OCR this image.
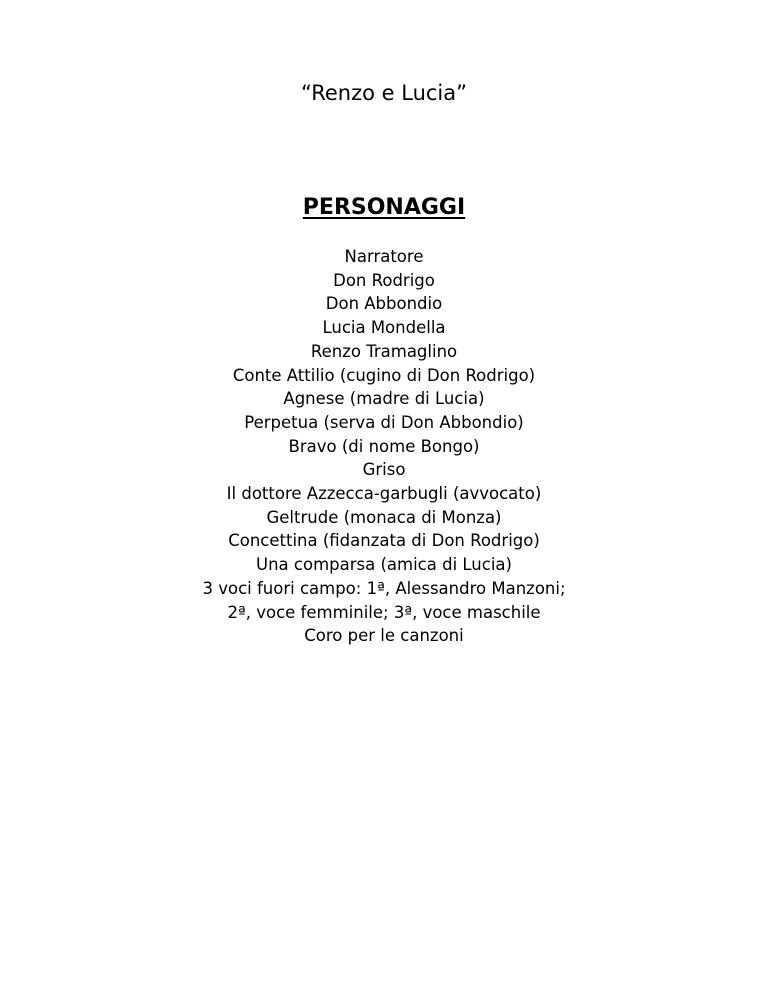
“Renzo e Lucia”
PERSONAGGI
Narratore
Don Rodrigo
Don Abbondio
Lucia Mondella
Renzo Tramaglino
Conte Attilio (cugino di Don Rodrigo)
Agnese (madre di Lucia)
Perpetua (serva di Don Abbondio)
Bravo (di nome Bongo)
Griso
Il dottore Azzecca-garbugli (avvocato)
Geltrude (monaca di Monza)
Concettina (fidanzata di Don Rodrigo)
Una comparsa (amica di Lucia)
3 voci fuori campo: 1ª, Alessandro Manzoni;
2ª, voce femminile; 3ª, voce maschile
Coro per le canzoni
